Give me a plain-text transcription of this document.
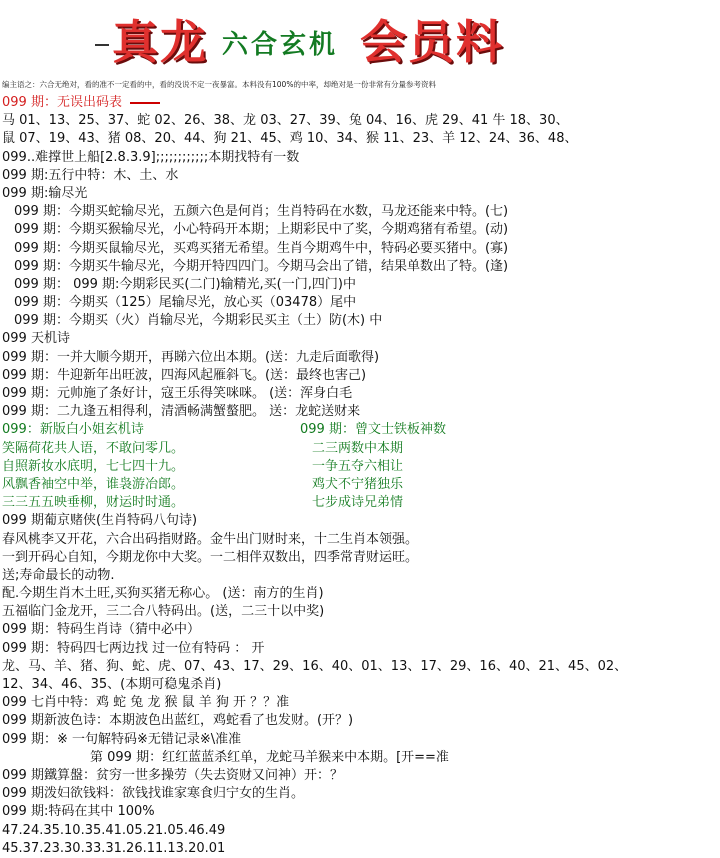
真龙 六合玄机 会员料
编主语之：六合无绝对，看的准不一定看的中，看的没说不定一夜暴富。本料没有100%的中率，却绝对是一份非常有分量参考资料
099 期：无误出码表
马 01、13、25、37、蛇 02、26、38、龙 03、27、39、兔 04、16、虎 29、41 牛 18、30、
鼠 07、19、43、猪 08、20、44、狗 21、45、鸡 10、34、猴 11、23、羊 12、24、36、48、
099..难撑世上船[2.8.3.9];;;;;;;;;;;;本期找特有一数
099 期:五行中特：木、土、水
099 期:输尽光
099 期：今期买蛇输尽光，五颜六色是何肖；生肖特码在水数，马龙还能来中特。(七)
099 期：今期买猴输尽光，小心特码开本期；上期彩民中了奖，今期鸡猪有希望。(动)
099 期：今期买鼠输尽光，买鸡买猪无希望。生肖今期鸡牛中，特码必要买猪中。(寡)
099 期：今期买牛输尽光，今期开特四四门。今期马会出了错，结果单数出了特。(逢)
099 期： 099 期:今期彩民买(二门)输精光,买(一门,四门)中
099 期：今期买（125）尾输尽光，放心买（03478）尾中
099 期：今期买（火）肖输尽光，今期彩民买主（土）防(木) 中
099 天机诗
099 期：一并大顺今期开，再睇六位出本期。(送：九走后面歌得)
099 期：牛迎新年出旺波，四海风起雁斜飞。(送：最终也害己)
099 期：元帅施了条好计，寇王乐得笑咪咪。 (送：浑身白毛
099 期：二九逢五相得利，清酒畅满蟹螯肥。 送：龙蛇送财来
099：新版白小姐玄机诗	099 期：曾文士铁板神数
笑隔荷花共人语，不敢问零几。	二三两数中本期
自照新妆水底明，七七四十九。	一争五夺六相让
风飘香袖空中举，谁袅游冶郎。	鸡犬不宁猪独乐
三三五五映垂柳，财运时时通。	七步成诗兄弟情
099 期葡京赌侠(生肖特码八句诗)
春风桃李又开花，六合出码指财路。金牛出门财时来，十二生肖本领强。
一到开码心自知，今期龙你中大奖。一二相伴双数出，四季常青财运旺。
送;寿命最长的动物.
配.今期生肖木土旺,买狗买猪无称心。 (送：南方的生肖)
五福临门金龙开，三二合八特码出。(送，二三十以中奖)
099 期：特码生肖诗（猜中必中）
099 期：特码四七两边找 过一位有特码 ： 开
龙、马、羊、猪、狗、蛇、虎、07、43、17、29、16、40、01、13、17、29、16、40、21、45、02、
12、34、46、35、(本期可稳鬼杀肖)
099 七肖中特：鸡 蛇 兔 龙 猴 鼠 羊 狗 开 ？？准
099 期新波色诗：本期波色出蓝红，鸡蛇看了也发财。(开？)
099 期：※ 一句解特码※无错记录※\准准
第 099 期：红红蓝蓝杀红单，龙蛇马羊猴来中本期。[开==准
099 期鐵算盤：贫穷一世多操劳（失去资财又问神）开：？
099 期泼妇欲钱料：欲钱找谁家寒食归宁女的生肖。
099 期:特码在其中 100%
47.24.35.10.35.41.05.21.05.46.49
45.37.23.30.33.31.26.11.13.20.01
